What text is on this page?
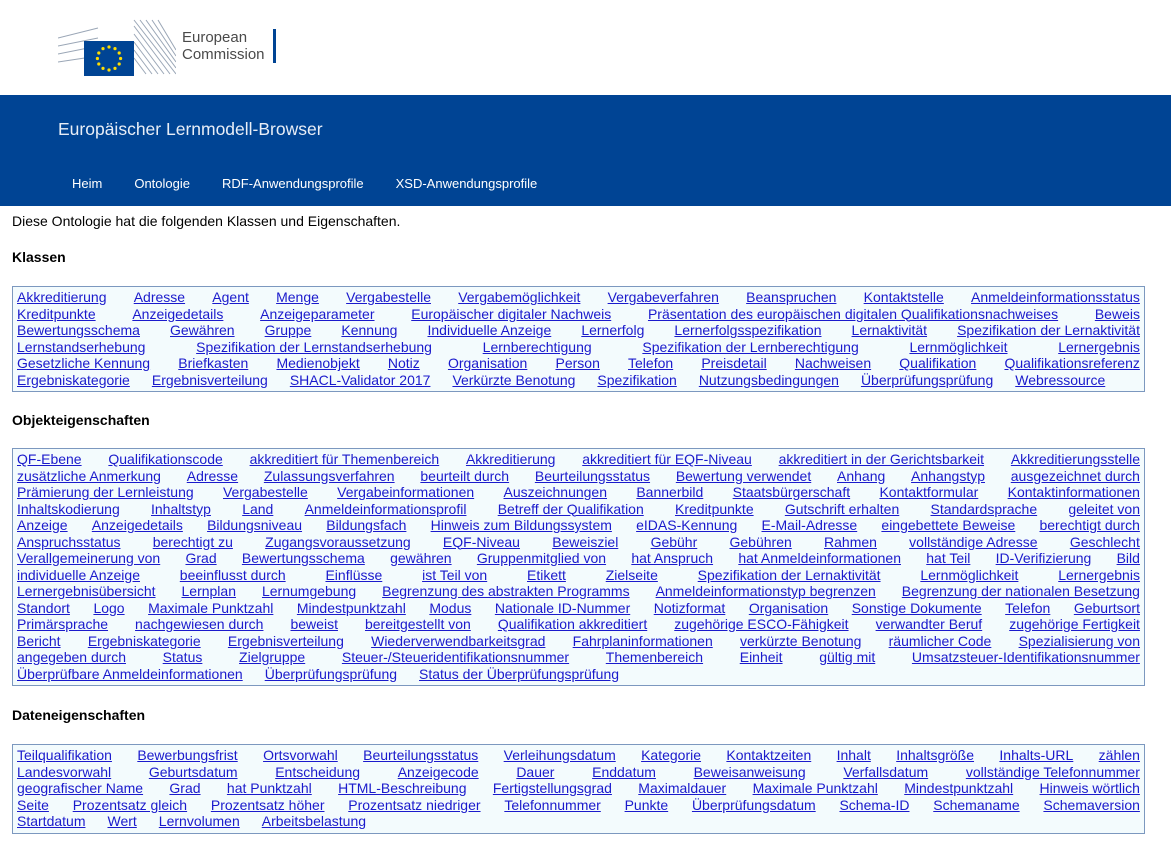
European
Commission
Europäischer Lernmodell-Browser
Heim	Ontologie	RDF-Anwendungsprofile	XSD-Anwendungsprofile
Diese Ontologie hat die folgenden Klassen und Eigenschaften.
Klassen
Akkreditierung Adresse Agent Menge Vergabestelle Vergabemöglichkeit Vergabeverfahren Beanspruchen Kontaktstelle Anmeldeinformationsstatus
Kreditpunkte	Anzeigedetails	Anzeigeparameter	Europäischer digitaler Nachweis	Präsentation des europäischen digitalen Qualifikationsnachweises	Beweis
Bewertungsschema Gewähren Gruppe Kennung Individuelle Anzeige Lernerfolg Lernerfolgsspezifikation Lernaktivität Spezifikation der Lernaktivität
Lernstandserhebung	Spezifikation der Lernstandserhebung	Lernberechtigung	Spezifikation der Lernberechtigung	Lernmöglichkeit	Lernergebnis
Gesetzliche Kennung Briefkasten Medienobjekt Notiz Organisation Person Telefon Preisdetail Nachweisen Qualifikation Qualifikationsreferenz
Ergebniskategorie Ergebnisverteilung SHACL-Validator 2017 Verkürzte Benotung Spezifikation Nutzungsbedingungen Überprüfungsprüfung Webressource
Objekteigenschaften
QF-Ebene Qualifikationscode akkreditiert für Themenbereich Akkreditierung akkreditiert für EQF-Niveau akkreditiert in der Gerichtsbarkeit Akkreditierungsstelle
zusätzliche Anmerkung Adresse Zulassungsverfahren beurteilt durch Beurteilungsstatus Bewertung verwendet Anhang Anhangstyp ausgezeichnet durch
Prämierung der Lernleistung Vergabestelle Vergabeinformationen Auszeichnungen Bannerbild Staatsbürgerschaft Kontaktformular Kontaktinformationen
Inhaltskodierung Inhaltstyp Land Anmeldeinformationsprofil Betreff der Qualifikation Kreditpunkte Gutschrift erhalten Standardsprache geleitet von
Anzeige Anzeigedetails Bildungsniveau Bildungsfach Hinweis zum Bildungssystem eIDAS-Kennung E-Mail-Adresse eingebettete Beweise berechtigt durch
Anspruchsstatus berechtigt zu Zugangsvoraussetzung EQF-Niveau Beweisziel Gebühr Gebühren Rahmen vollständige Adresse Geschlecht
Verallgemeinerung von Grad Bewertungsschema gewähren Gruppenmitglied von hat Anspruch hat Anmeldeinformationen hat Teil ID-Verifizierung Bild
individuelle Anzeige	beeinflusst durch	Einflüsse	ist Teil von	Etikett	Zielseite	Spezifikation der Lernaktivität	Lernmöglichkeit	Lernergebnis
Lernergebnisübersicht Lernplan Lernumgebung Begrenzung des abstrakten Programms Anmeldeinformationstyp begrenzen Begrenzung der nationalen Besetzung
Standort Logo Maximale Punktzahl Mindestpunktzahl Modus Nationale ID-Nummer Notizformat Organisation Sonstige Dokumente Telefon Geburtsort
Primärsprache nachgewiesen durch beweist bereitgestellt von Qualifikation akkreditiert zugehörige ESCO-Fähigkeit verwandter Beruf zugehörige Fertigkeit
Bericht Ergebniskategorie Ergebnisverteilung Wiederverwendbarkeitsgrad Fahrplaninformationen verkürzte Benotung räumlicher Code Spezialisierung von
angegeben durch	Status	Zielgruppe	Steuer-/Steueridentifikationsnummer	Themenbereich	Einheit	gültig mit	Umsatzsteuer-Identifikationsnummer
Überprüfbare Anmeldeinformationen Überprüfungsprüfung Status der Überprüfungsprüfung
Dateneigenschaften
Teilqualifikation Bewerbungsfrist Ortsvorwahl Beurteilungsstatus Verleihungsdatum Kategorie Kontaktzeiten Inhalt Inhaltsgröße Inhalts-URL zählen
Landesvorwahl	Geburtsdatum	Entscheidung	Anzeigecode	Dauer	Enddatum	Beweisanweisung	Verfallsdatum	vollständige Telefonnummer
geografischer Name Grad hat Punktzahl HTML-Beschreibung Fertigstellungsgrad Maximaldauer Maximale Punktzahl Mindestpunktzahl Hinweis wörtlich
Seite Prozentsatz gleich Prozentsatz höher Prozentsatz niedriger Telefonnummer Punkte Überprüfungsdatum Schema-ID Schemaname Schemaversion
Startdatum Wert Lernvolumen Arbeitsbelastung
